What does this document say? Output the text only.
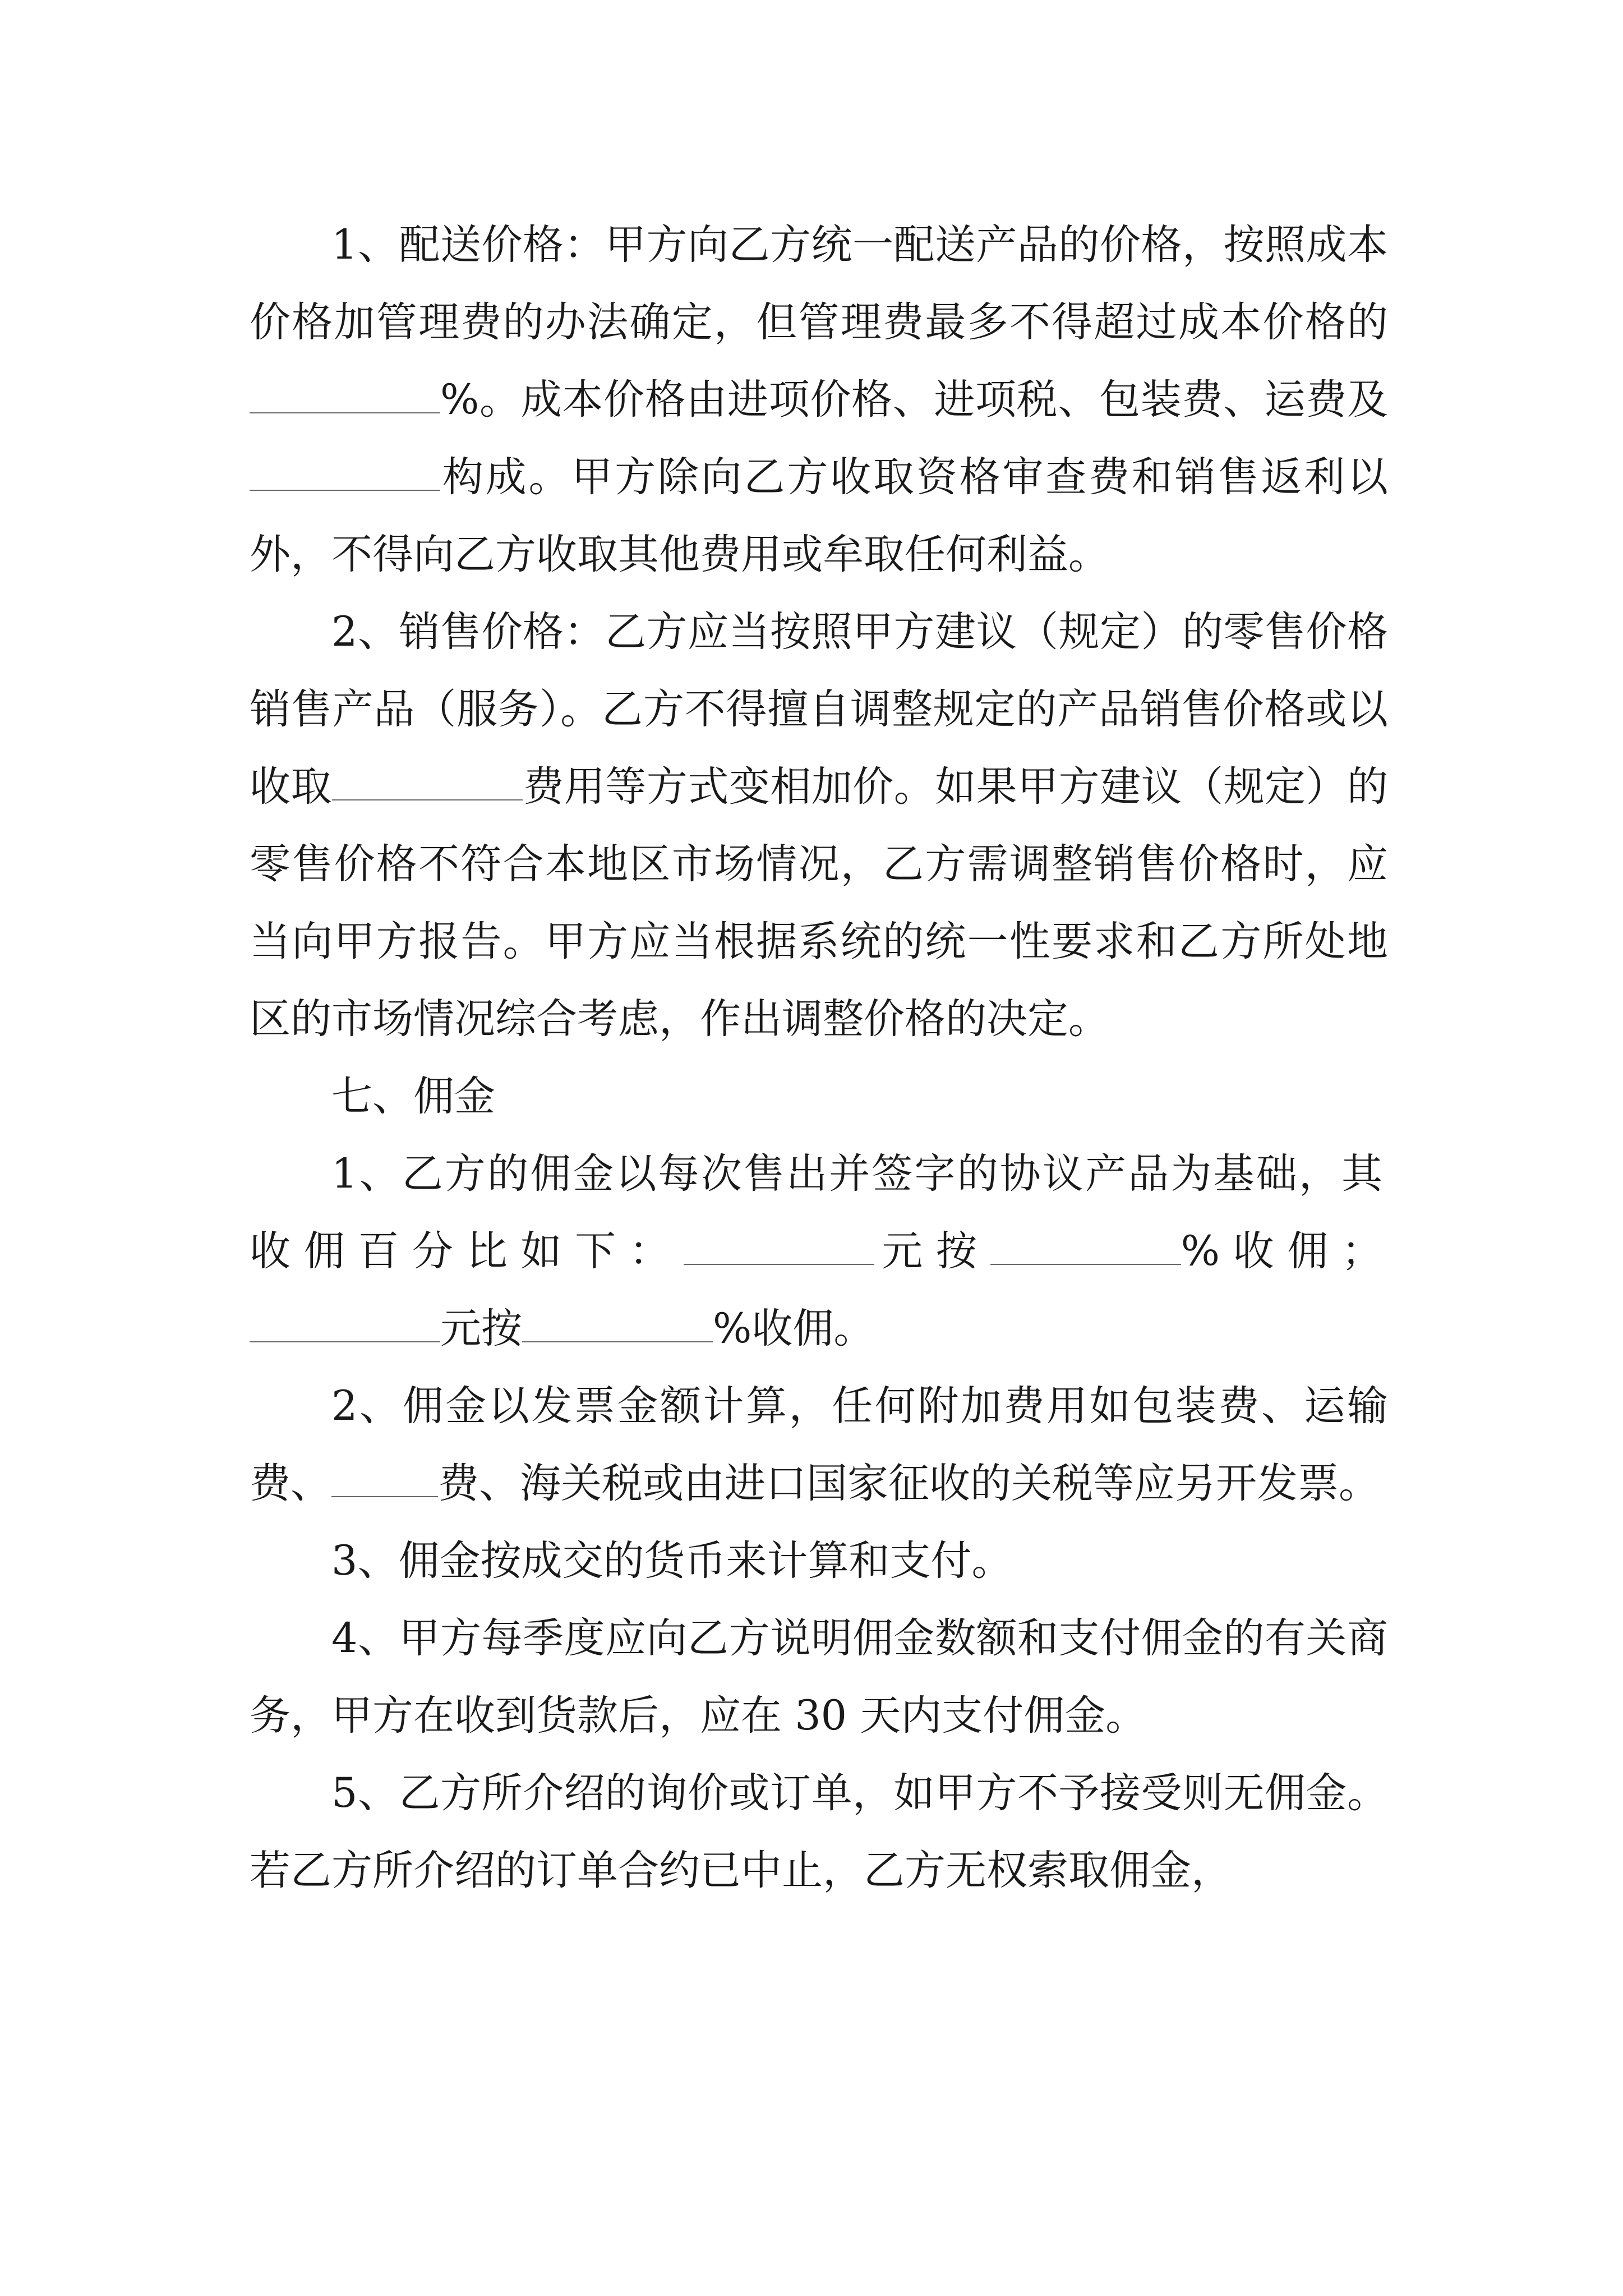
1、配送价格：甲方向乙方统一配送产品的价格，按照成本价格加管理费的办法确定，但管理费最多不得超过成本价格的%。成本价格由进项价格、进项税、包装费、运费及构成。甲方除向乙方收取资格审查费和销售返利以外，不得向乙方收取其他费用或牟取任何利益。

2、销售价格：乙方应当按照甲方建议（规定）的零售价格销售产品（服务）。乙方不得擅自调整规定的产品销售价格或以收取	费用等方式变相加价。如果甲方建议（规定）的零售价格不符合本地区市场情况，乙方需调整销售价格时，应当向甲方报告。甲方应当根据系统的统一性要求和乙方所处地区的市场情况综合考虑，作出调整价格的决定。

七、佣金

1、乙方的佣金以每次售出并签字的协议产品为基础，其收佣百分比如下：	元按	%收佣；元按	%收佣。

2、佣金以发票金额计算，任何附加费用如包装费、运输费、	费、海关税或由进口国家征收的关税等应另开发票。

3、佣金按成交的货币来计算和支付。

4、甲方每季度应向乙方说明佣金数额和支付佣金的有关商务，甲方在收到货款后，应在 30 天内支付佣金。

5、乙方所介绍的询价或订单，如甲方不予接受则无佣金。若乙方所介绍的订单合约已中止，乙方无权索取佣金，
